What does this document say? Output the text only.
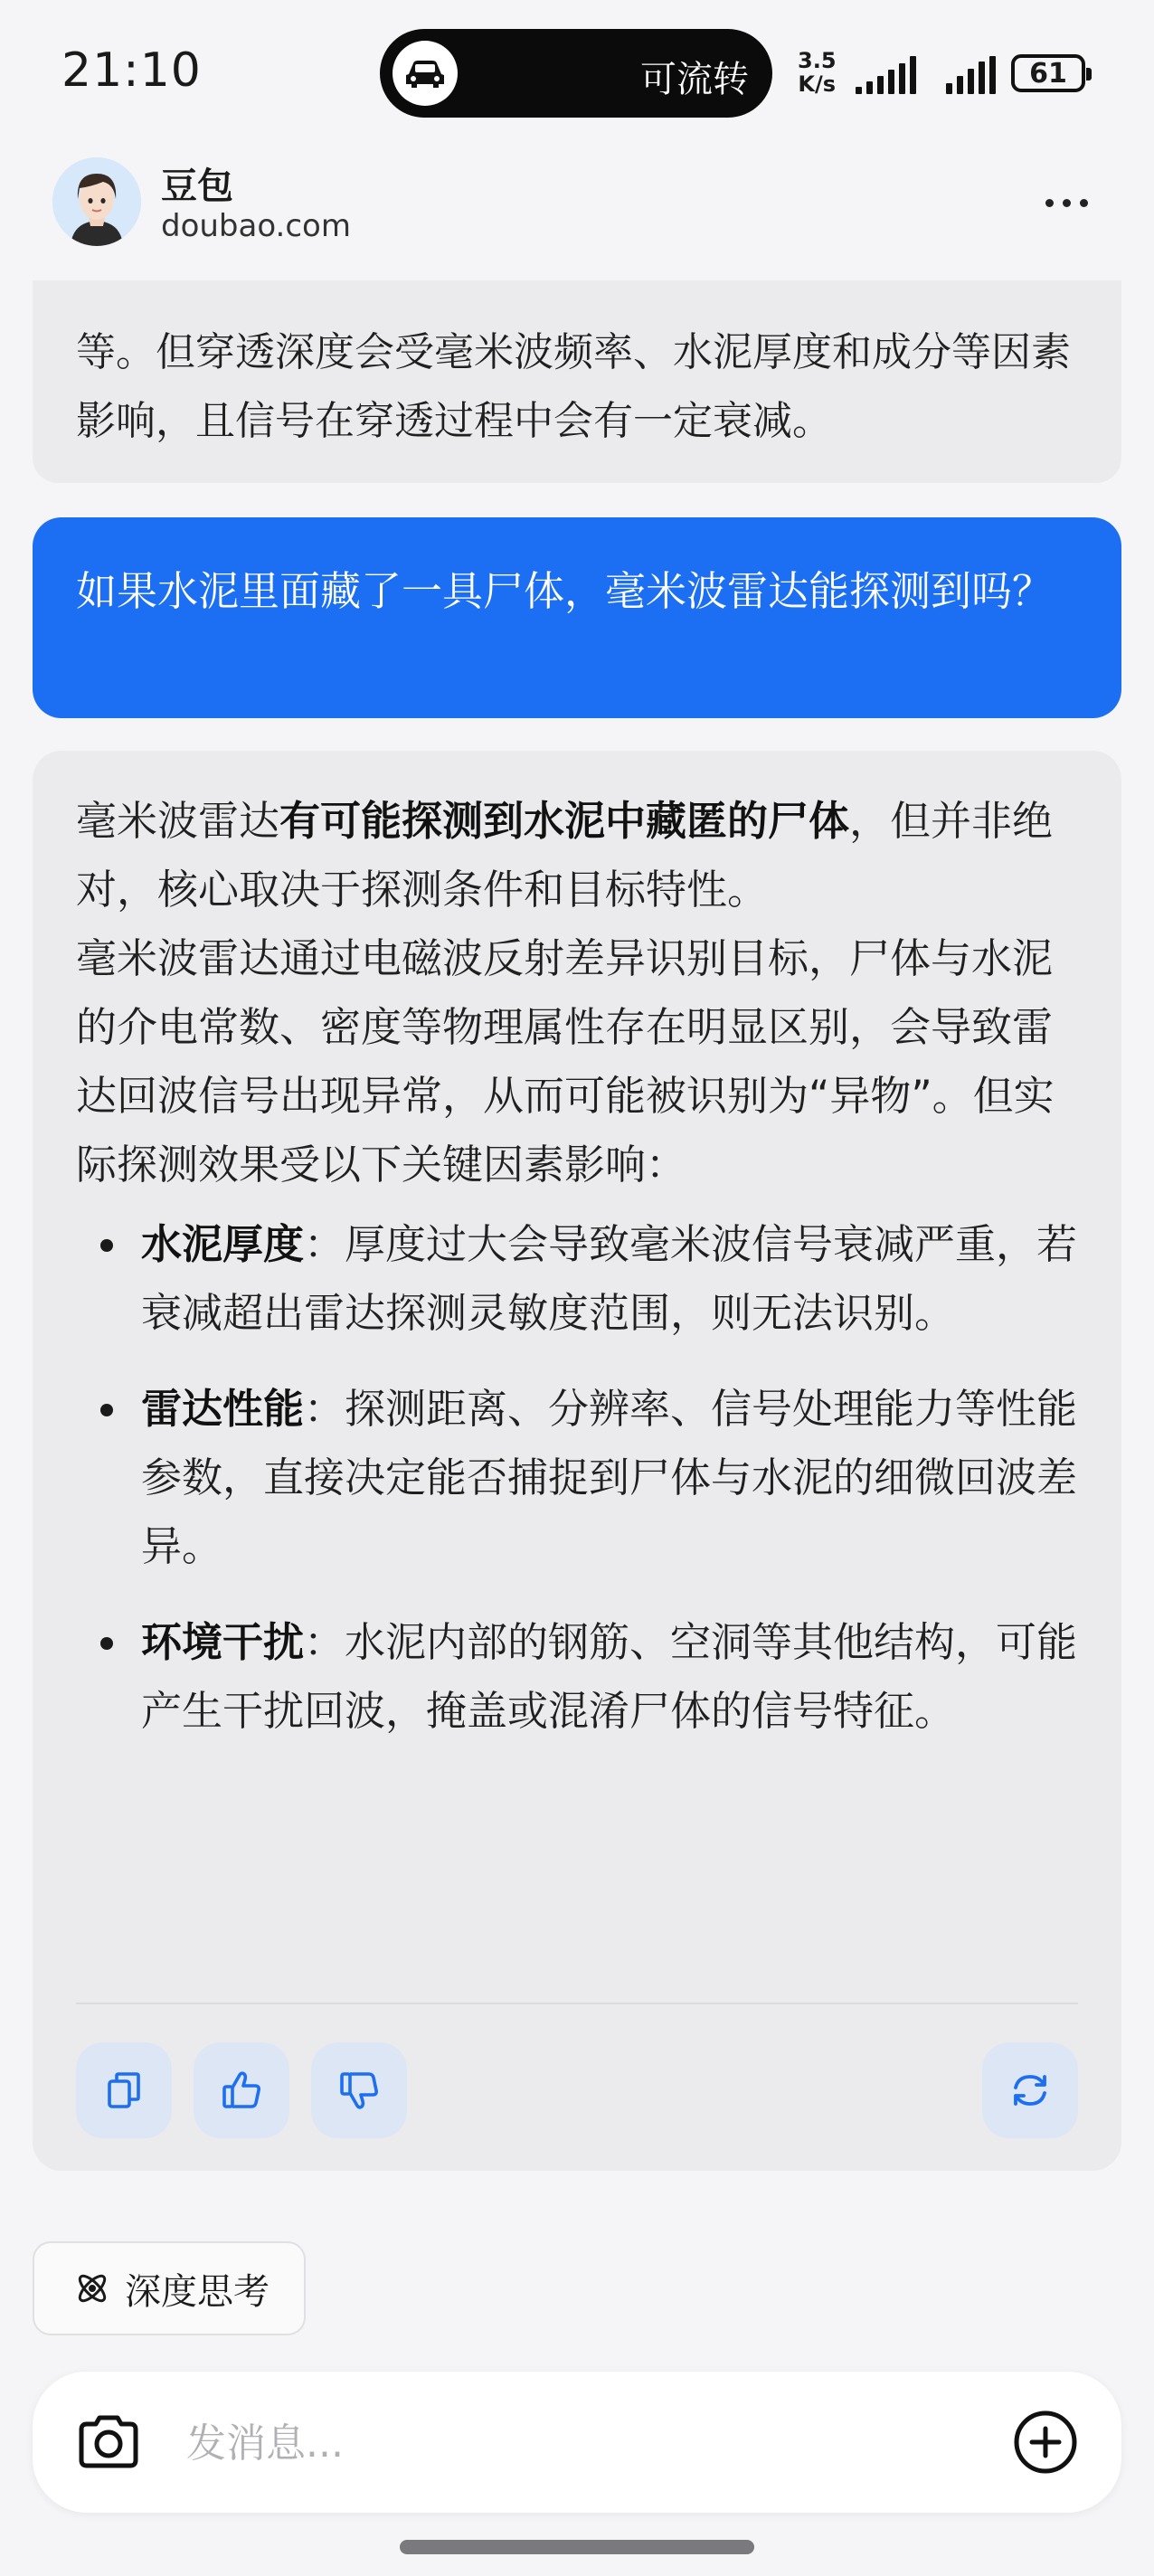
21:10	可流转 3.5
K/s	61
豆包
doubao.com
等。但穿透深度会受毫米波频率、水泥厚度和成分等因素影响，且信号在穿透过程中会有一定衰减。
如果水泥里面藏了一具尸体，毫米波雷达能探测到吗？

毫米波雷达有可能探测到水泥中藏匿的尸体，但并非绝对，核心取决于探测条件和目标特性。

毫米波雷达通过电磁波反射差异识别目标，尸体与水泥的介电常数、密度等物理属性存在明显区别，会导致雷达回波信号出现异常，从而可能被识别为“异物”。但实际探测效果受以下关键因素影响：

水泥厚度：厚度过大会导致毫米波信号衰减严重，若衰减超出雷达探测灵敏度范围，则无法识别。
雷达性能：探测距离、分辨率、信号处理能力等性能参数，直接决定能否捕捉到尸体与水泥的细微回波差异。
环境干扰：水泥内部的钢筋、空洞等其他结构，可能产生干扰回波，掩盖或混淆尸体的信号特征。
深度思考
发消息...
